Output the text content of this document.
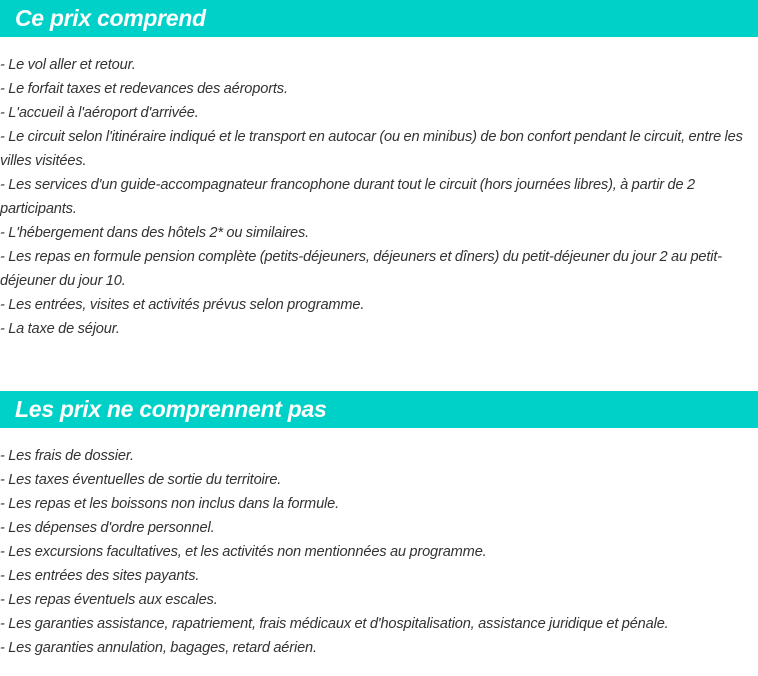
Ce prix comprend
- Le vol aller et retour.
- Le forfait taxes et redevances des aéroports.
- L'accueil à l'aéroport d'arrivée.
- Le circuit selon l'itinéraire indiqué et le transport en autocar (ou en minibus) de bon confort pendant le circuit, entre les villes visitées.
- Les services d'un guide-accompagnateur francophone durant tout le circuit (hors journées libres), à partir de 2 participants.
- L'hébergement dans des hôtels 2* ou similaires.
- Les repas en formule pension complète (petits-déjeuners, déjeuners et dîners) du petit-déjeuner du jour 2 au petit-déjeuner du jour 10.
- Les entrées, visites et activités prévus selon programme.
- La taxe de séjour.
Les prix ne comprennent pas
- Les frais de dossier.
- Les taxes éventuelles de sortie du territoire.
- Les repas et les boissons non inclus dans la formule.
- Les dépenses d'ordre personnel.
- Les excursions facultatives, et les activités non mentionnées au programme.
- Les entrées des sites payants.
- Les repas éventuels aux escales.
- Les garanties assistance, rapatriement, frais médicaux et d'hospitalisation, assistance juridique et pénale.
- Les garanties annulation, bagages, retard aérien.
